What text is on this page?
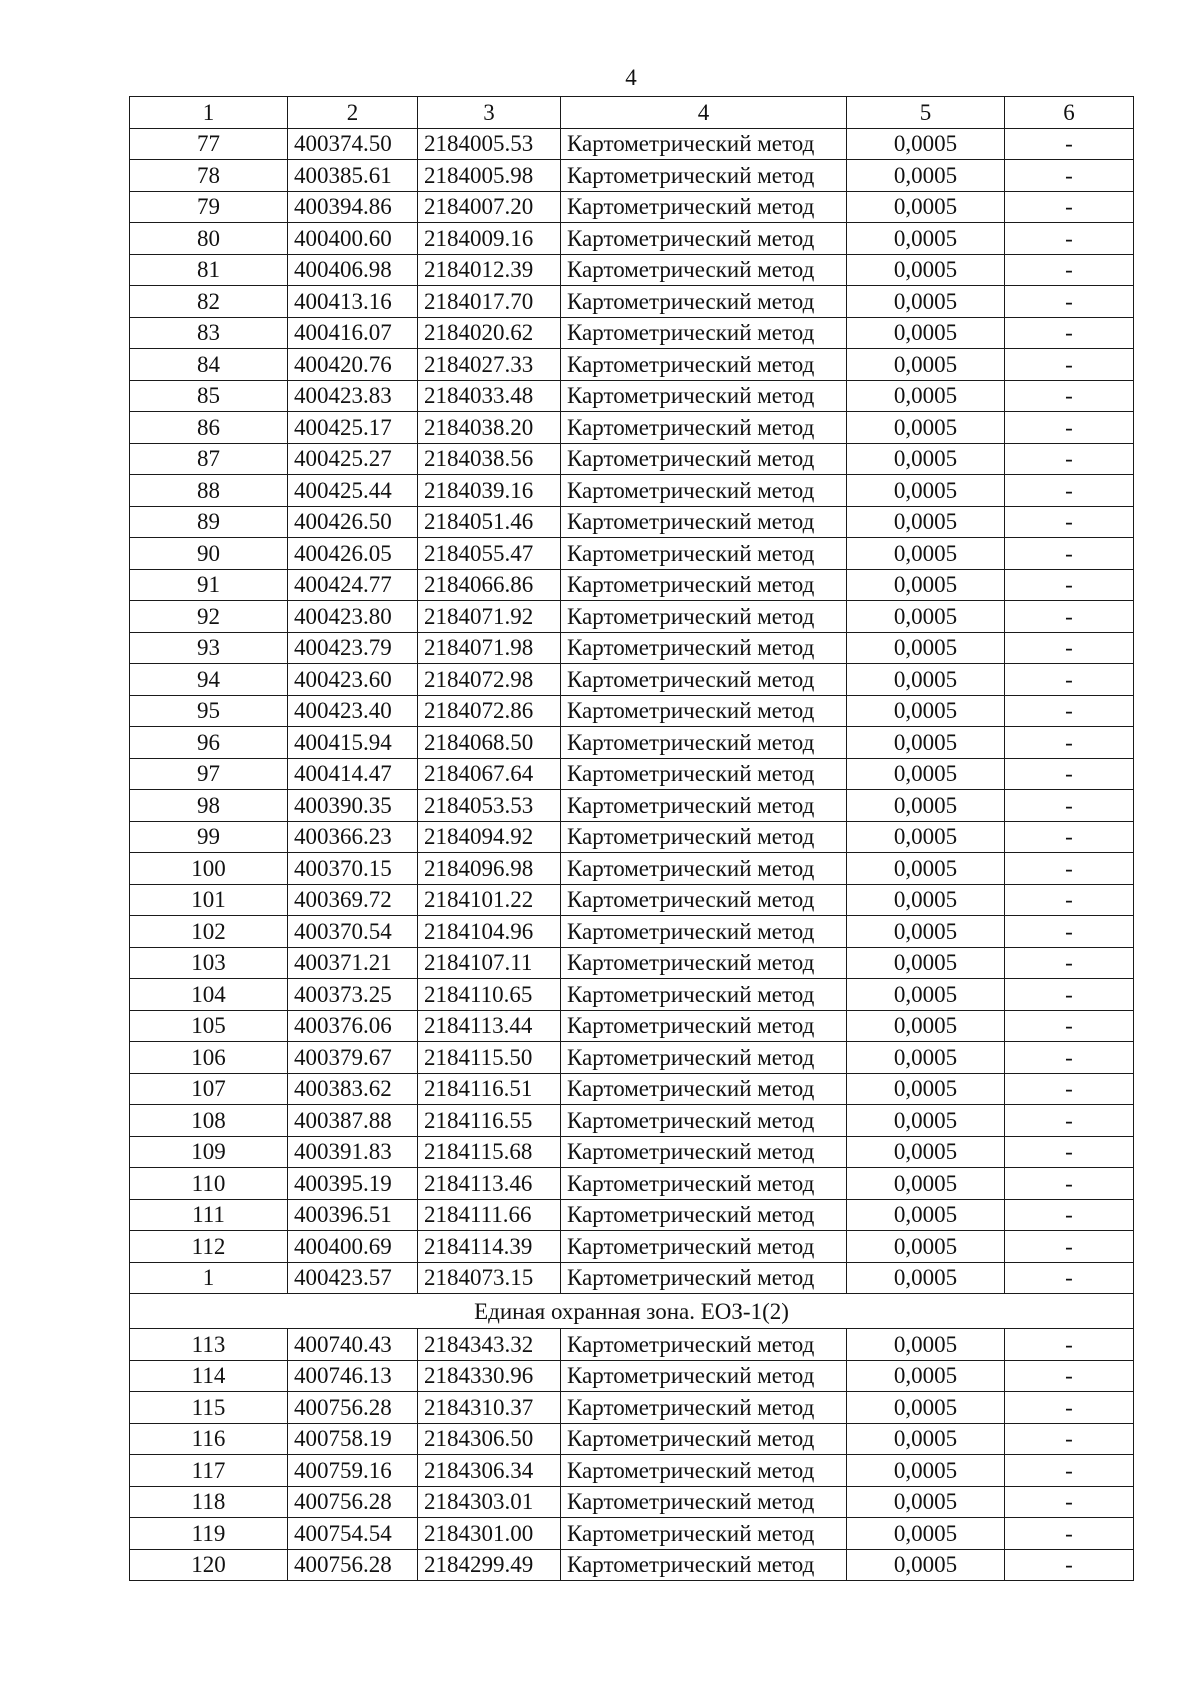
4
1	2	3	4	5	6
77	400374.50	2184005.53	Картометрический метод	0,0005	-
78	400385.61	2184005.98	Картометрический метод	0,0005	-
79	400394.86	2184007.20	Картометрический метод	0,0005	-
80	400400.60	2184009.16	Картометрический метод	0,0005	-
81	400406.98	2184012.39	Картометрический метод	0,0005	-
82	400413.16	2184017.70	Картометрический метод	0,0005	-
83	400416.07	2184020.62	Картометрический метод	0,0005	-
84	400420.76	2184027.33	Картометрический метод	0,0005	-
85	400423.83	2184033.48	Картометрический метод	0,0005	-
86	400425.17	2184038.20	Картометрический метод	0,0005	-
87	400425.27	2184038.56	Картометрический метод	0,0005	-
88	400425.44	2184039.16	Картометрический метод	0,0005	-
89	400426.50	2184051.46	Картометрический метод	0,0005	-
90	400426.05	2184055.47	Картометрический метод	0,0005	-
91	400424.77	2184066.86	Картометрический метод	0,0005	-
92	400423.80	2184071.92	Картометрический метод	0,0005	-
93	400423.79	2184071.98	Картометрический метод	0,0005	-
94	400423.60	2184072.98	Картометрический метод	0,0005	-
95	400423.40	2184072.86	Картометрический метод	0,0005	-
96	400415.94	2184068.50	Картометрический метод	0,0005	-
97	400414.47	2184067.64	Картометрический метод	0,0005	-
98	400390.35	2184053.53	Картометрический метод	0,0005	-
99	400366.23	2184094.92	Картометрический метод	0,0005	-
100	400370.15	2184096.98	Картометрический метод	0,0005	-
101	400369.72	2184101.22	Картометрический метод	0,0005	-
102	400370.54	2184104.96	Картометрический метод	0,0005	-
103	400371.21	2184107.11	Картометрический метод	0,0005	-
104	400373.25	2184110.65	Картометрический метод	0,0005	-
105	400376.06	2184113.44	Картометрический метод	0,0005	-
106	400379.67	2184115.50	Картометрический метод	0,0005	-
107	400383.62	2184116.51	Картометрический метод	0,0005	-
108	400387.88	2184116.55	Картометрический метод	0,0005	-
109	400391.83	2184115.68	Картометрический метод	0,0005	-
110	400395.19	2184113.46	Картометрический метод	0,0005	-
111	400396.51	2184111.66	Картометрический метод	0,0005	-
112	400400.69	2184114.39	Картометрический метод	0,0005	-
1	400423.57	2184073.15	Картометрический метод	0,0005	-
Единая охранная зона. ЕОЗ-1(2)					
113	400740.43	2184343.32	Картометрический метод	0,0005	-
114	400746.13	2184330.96	Картометрический метод	0,0005	-
115	400756.28	2184310.37	Картометрический метод	0,0005	-
116	400758.19	2184306.50	Картометрический метод	0,0005	-
117	400759.16	2184306.34	Картометрический метод	0,0005	-
118	400756.28	2184303.01	Картометрический метод	0,0005	-
119	400754.54	2184301.00	Картометрический метод	0,0005	-
120	400756.28	2184299.49	Картометрический метод	0,0005	-
